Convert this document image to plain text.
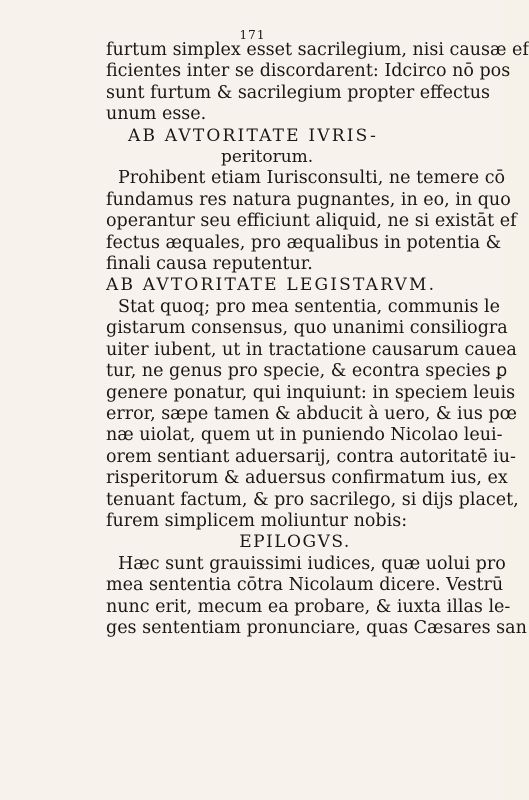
171
furtum simplex esset sacrilegium, nisi causæ ef
ficientes inter se discordarent: Idcirco nō pos
sunt furtum & sacrilegium propter effectus
unum esse.
AB AVTORITATE IVRIS-
peritorum.
Prohibent etiam Iurisconsulti, ne temere cō
fundamus res natura pugnantes, in eo, in quo
operantur seu efficiunt aliquid, ne si existāt ef
fectus æquales, pro æqualibus in potentia &
finali causa reputentur.
AB AVTORITATE LEGISTARVM.
Stat quoq; pro mea sententia, communis le
gistarum consensus, quo unanimi consiliogra
uiter iubent, ut in tractatione causarum cauea
tur, ne genus pro specie, & econtra species ꝑ
genere ponatur, qui inquiunt: in speciem leuis
error, sæpe tamen & abducit à uero, & ius pœ
næ uiolat, quem ut in puniendo Nicolao leui-
orem sentiant aduersarij, contra autoritatē iu-
risperitorum & aduersus confirmatum ius, ex
tenuant factum, & pro sacrilego, si dijs placet,
furem simplicem moliuntur nobis:
EPILOGVS.
Hæc sunt grauissimi iudices, quæ uolui pro
mea sententia cōtra Nicolaum dicere. Vestrū
nunc erit, mecum ea probare, & iuxta illas le-
ges sententiam pronunciare, quas Cæsares san
